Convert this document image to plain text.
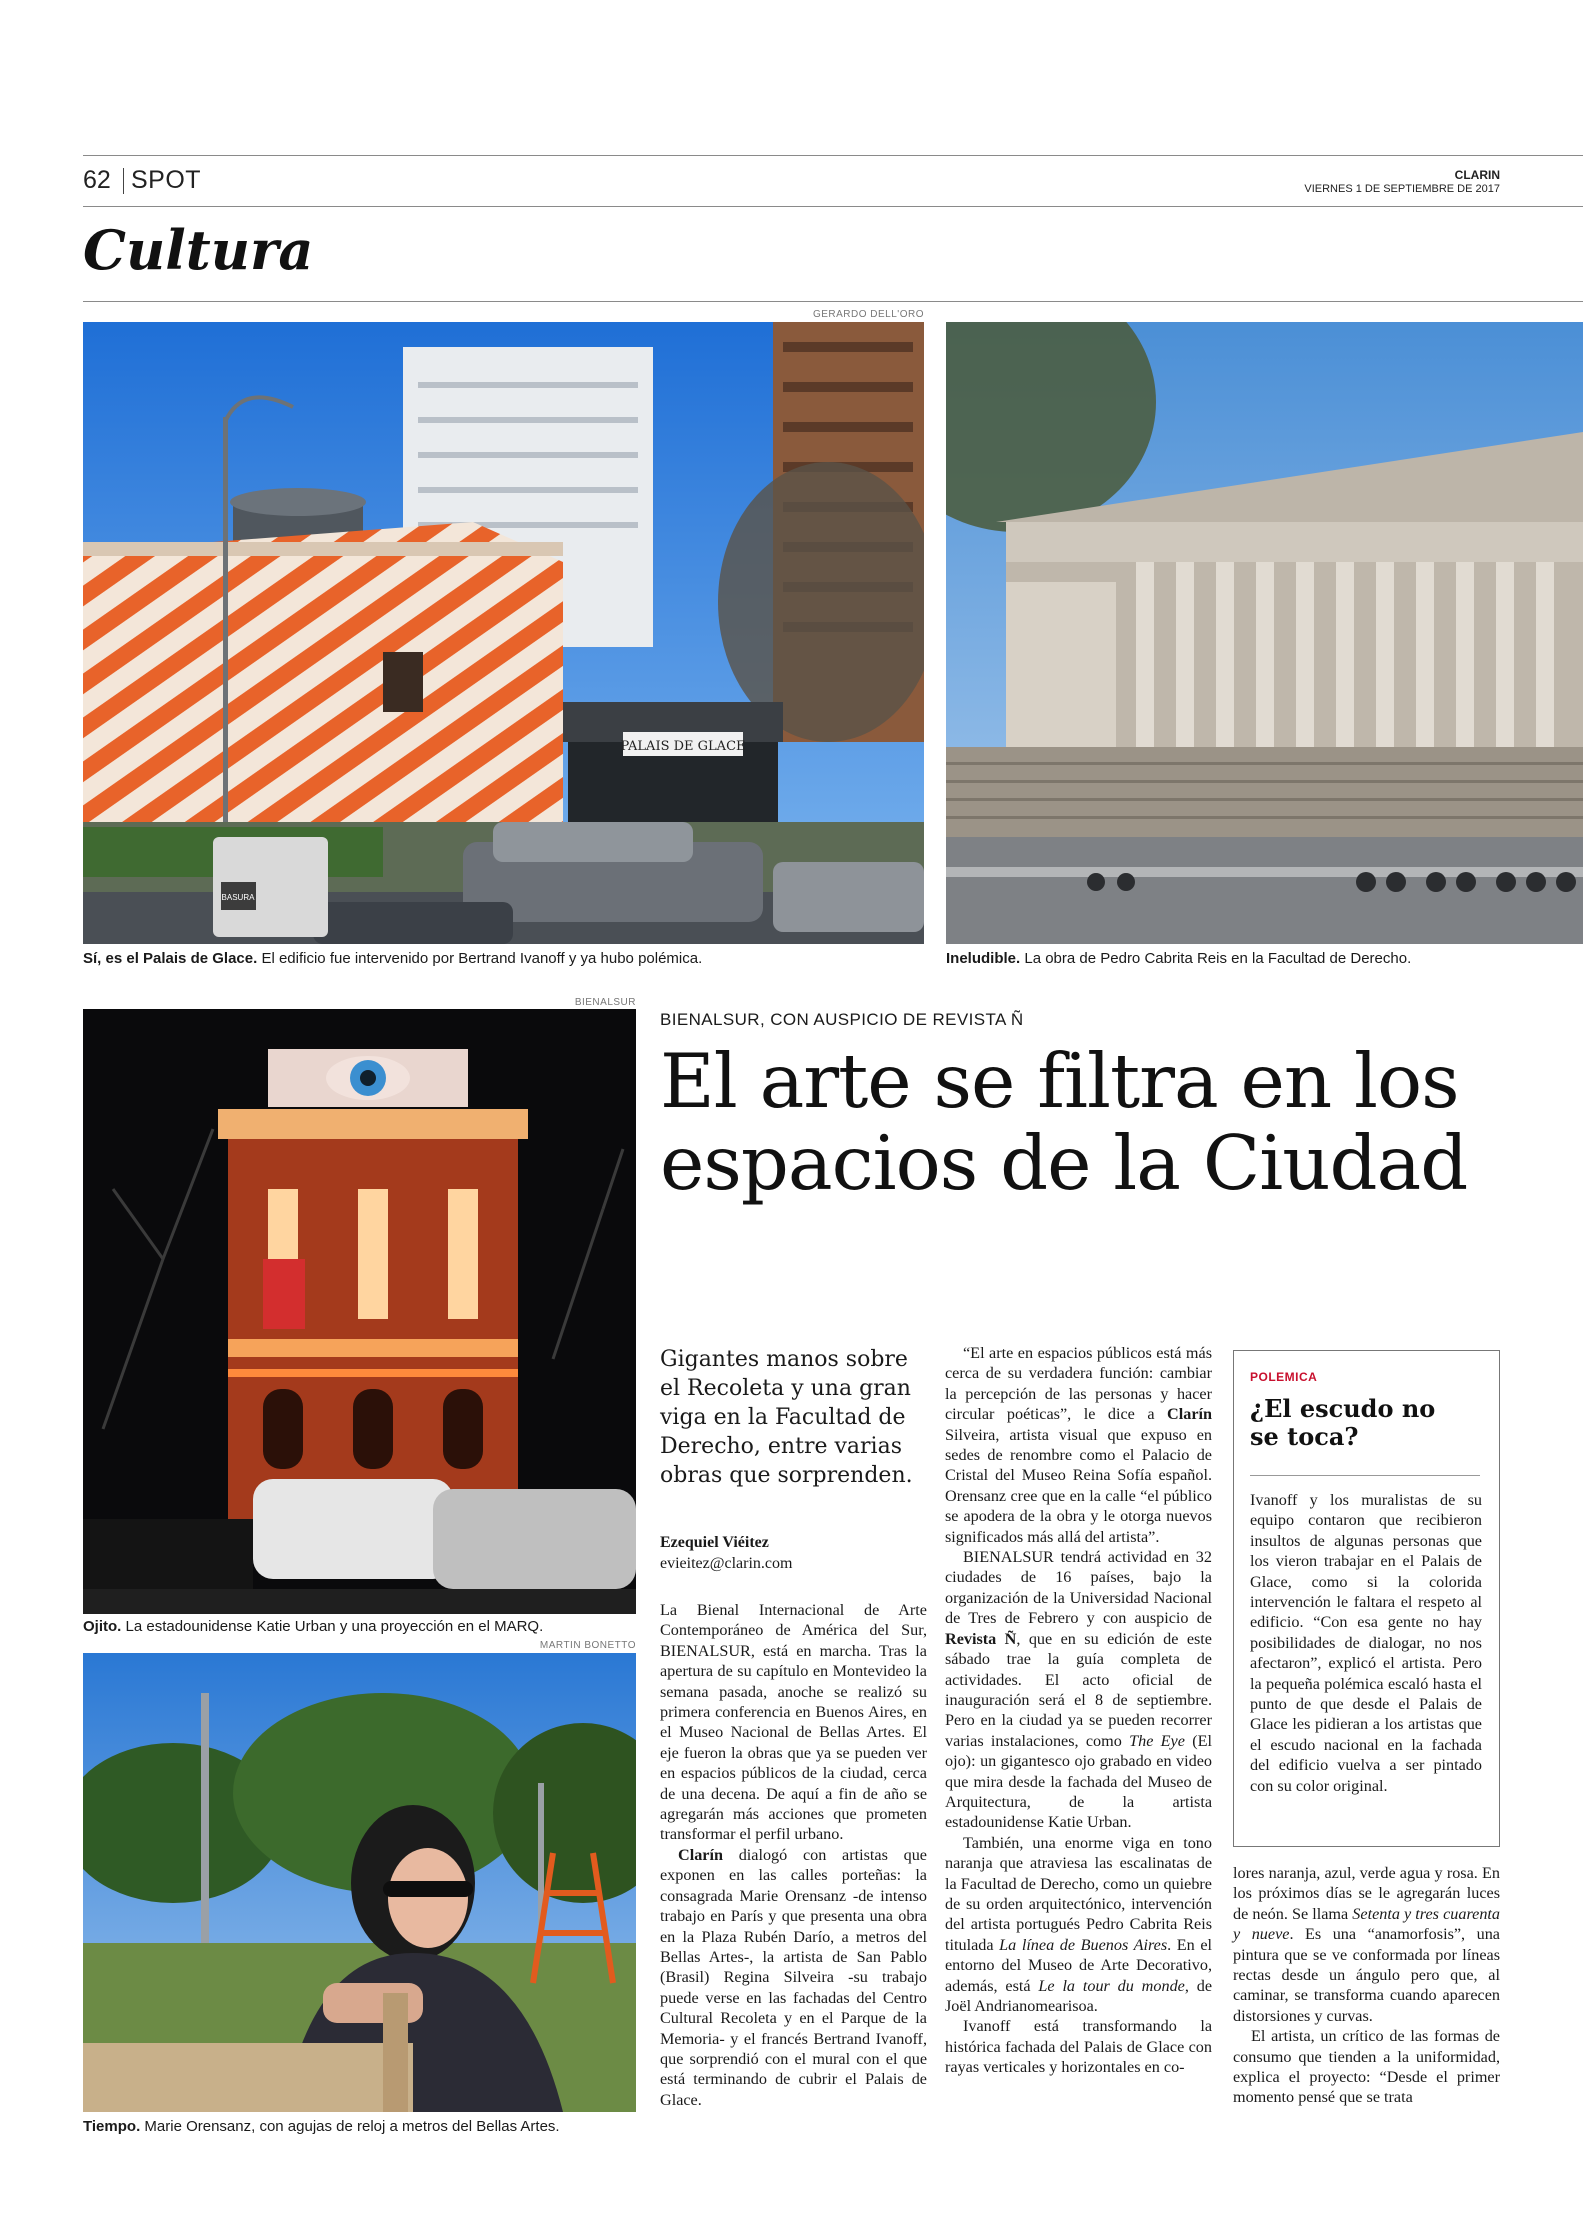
62 SPOT	CLARIN
VIERNES 1 DE SEPTIEMBRE DE 2017
Cultura
GERARDO DELL'ORO
PALAIS DE GLACE
BASURA
Sí, es el Palais de Glace. El edificio fue intervenido por Bertrand Ivanoff y ya hubo polémica.	Ineludible. La obra de Pedro Cabrita Reis en la Facultad de Derecho.
BIENALSUR
Ojito. La estadounidense Katie Urban y una proyección en el MARQ.
MARTIN BONETTO
Tiempo. Marie Orensanz, con agujas de reloj a metros del Bellas Artes.
BIENALSUR, CON AUSPICIO DE REVISTA Ñ
El arte se filtra en los
espacios de la Ciudad
Gigantes manos sobre
el Recoleta y una gran
viga en la Facultad de
Derecho, entre varias
obras que sorprenden.
Ezequiel Viéitez
evieitez@clarin.com

La Bienal Internacional de Arte Contemporáneo de América del Sur, BIENALSUR, está en marcha. Tras la apertura de su capítulo en Montevideo la semana pasada, anoche se realizó su primera conferencia en Buenos Aires, en el Museo Nacional de Bellas Artes. El eje fueron la obras que ya se pueden ver en espacios públicos de la ciudad, cerca de una decena. De aquí a fin de año se agregarán más acciones que prometen transformar el perfil urbano.

Clarín dialogó con artistas que exponen en las calles porteñas: la consagrada Marie Orensanz -de intenso trabajo en París y que presenta una obra en la Plaza Rubén Darío, a metros del Bellas Artes-, la artista de San Pablo (Brasil) Regina Silveira -su trabajo puede verse en las fachadas del Centro Cultural Recoleta y en el Parque de la Memoria- y el francés Bertrand Ivanoff, que sorprendió con el mural con el que está terminando de cubrir el Palais de Glace.

“El arte en espacios públicos está más cerca de su verdadera función: cambiar la percepción de las personas y hacer circular poéticas”, le dice a Clarín Silveira, artista visual que expuso en sedes de renombre como el Palacio de Cristal del Museo Reina Sofía español. Orensanz cree que en la calle “el público se apodera de la obra y le otorga nuevos significados más allá del artista”.

BIENALSUR tendrá actividad en 32 ciudades de 16 países, bajo la organización de la Universidad Nacional de Tres de Febrero y con auspicio de Revista Ñ, que en su edición de este sábado trae la guía completa de actividades. El acto oficial de inauguración será el 8 de septiembre. Pero en la ciudad ya se pueden recorrer varias instalaciones, como The Eye (El ojo): un gigantesco ojo grabado en video que mira desde la fachada del Museo de Arquitectura, de la artista estadounidense Katie Urban.

También, una enorme viga en tono naranja que atraviesa las escalinatas de la Facultad de Derecho, como un quiebre de su orden arquitectónico, intervención del artista portugués Pedro Cabrita Reis titulada La línea de Buenos Aires. En el entorno del Museo de Arte Decorativo, además, está Le la tour du monde, de Joël Andrianomearisoa.

Ivanoff está transformando la histórica fachada del Palais de Glace con rayas verticales y horizontales en co-

POLEMICA
¿El escudo no
se toca?

Ivanoff y los muralistas de su equipo contaron que recibieron insultos de algunas personas que los vieron trabajar en el Palais de Glace, como si la colorida intervención le faltara el respeto al edificio. “Con esa gente no hay posibilidades de dialogar, no nos afectaron”, explicó el artista. Pero la pequeña polémica escaló hasta el punto de que desde el Palais de Glace les pidieran a los artistas que el escudo nacional en la fachada del edificio vuelva a ser pintado con su color original.

lores naranja, azul, verde agua y rosa. En los próximos días se le agregarán luces de neón. Se llama Setenta y tres cuarenta y nueve. Es una “anamorfosis”, una pintura que se ve conformada por líneas rectas desde un ángulo pero que, al caminar, se transforma cuando aparecen distorsiones y curvas.

El artista, un crítico de las formas de consumo que tienden a la uniformidad, explica el proyecto: “Desde el primer momento pensé que se trata
